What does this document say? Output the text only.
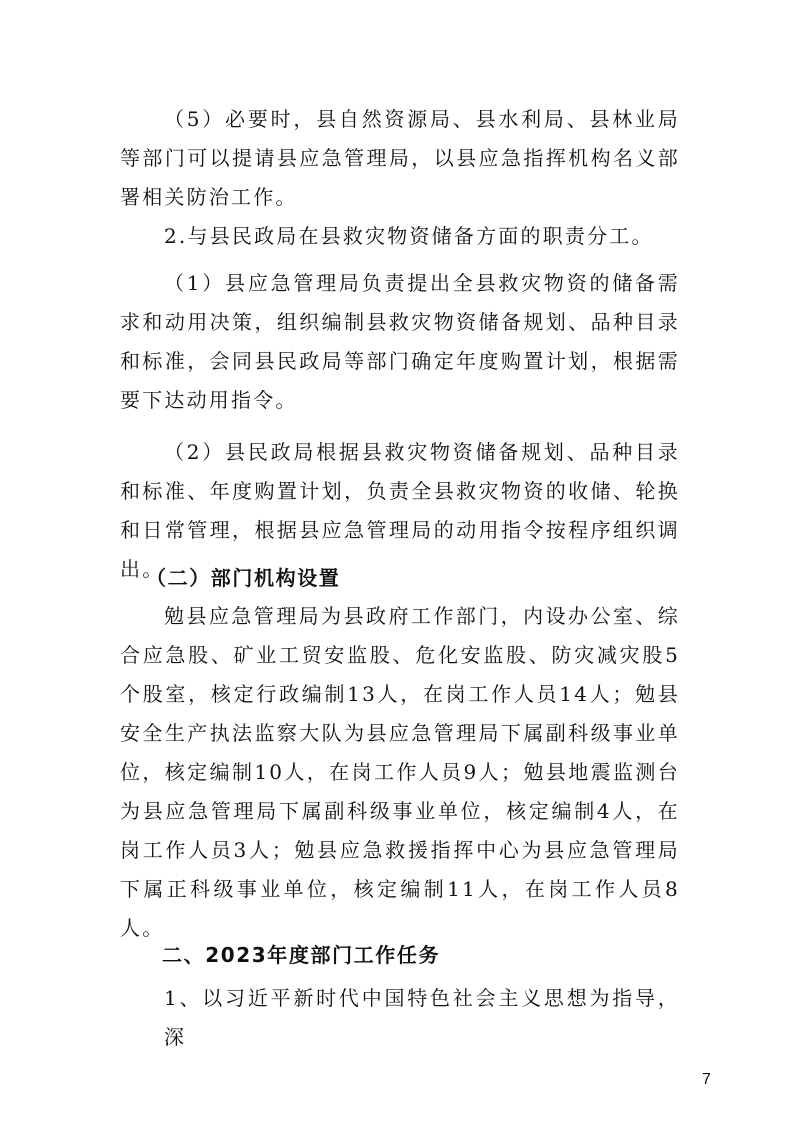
（5）必要时，县自然资源局、县水利局、县林业局等部门可以提请县应急管理局，以县应急指挥机构名义部署相关防治工作。

2.与县民政局在县救灾物资储备方面的职责分工。

（1）县应急管理局负责提出全县救灾物资的储备需求和动用决策，组织编制县救灾物资储备规划、品种目录和标准，会同县民政局等部门确定年度购置计划，根据需要下达动用指令。

（2）县民政局根据县救灾物资储备规划、品种目录和标准、年度购置计划，负责全县救灾物资的收储、轮换和日常管理，根据县应急管理局的动用指令按程序组织调出。

（二）部门机构设置

勉县应急管理局为县政府工作部门，内设办公室、综合应急股、矿业工贸安监股、危化安监股、防灾减灾股5个股室，核定行政编制13人，在岗工作人员14人；勉县安全生产执法监察大队为县应急管理局下属副科级事业单位，核定编制10人，在岗工作人员9人；勉县地震监测台为县应急管理局下属副科级事业单位，核定编制4人，在岗工作人员3人；勉县应急救援指挥中心为县应急管理局下属正科级事业单位，核定编制11人，在岗工作人员8人。

二、2023年度部门工作任务

1、以习近平新时代中国特色社会主义思想为指导，深

7
